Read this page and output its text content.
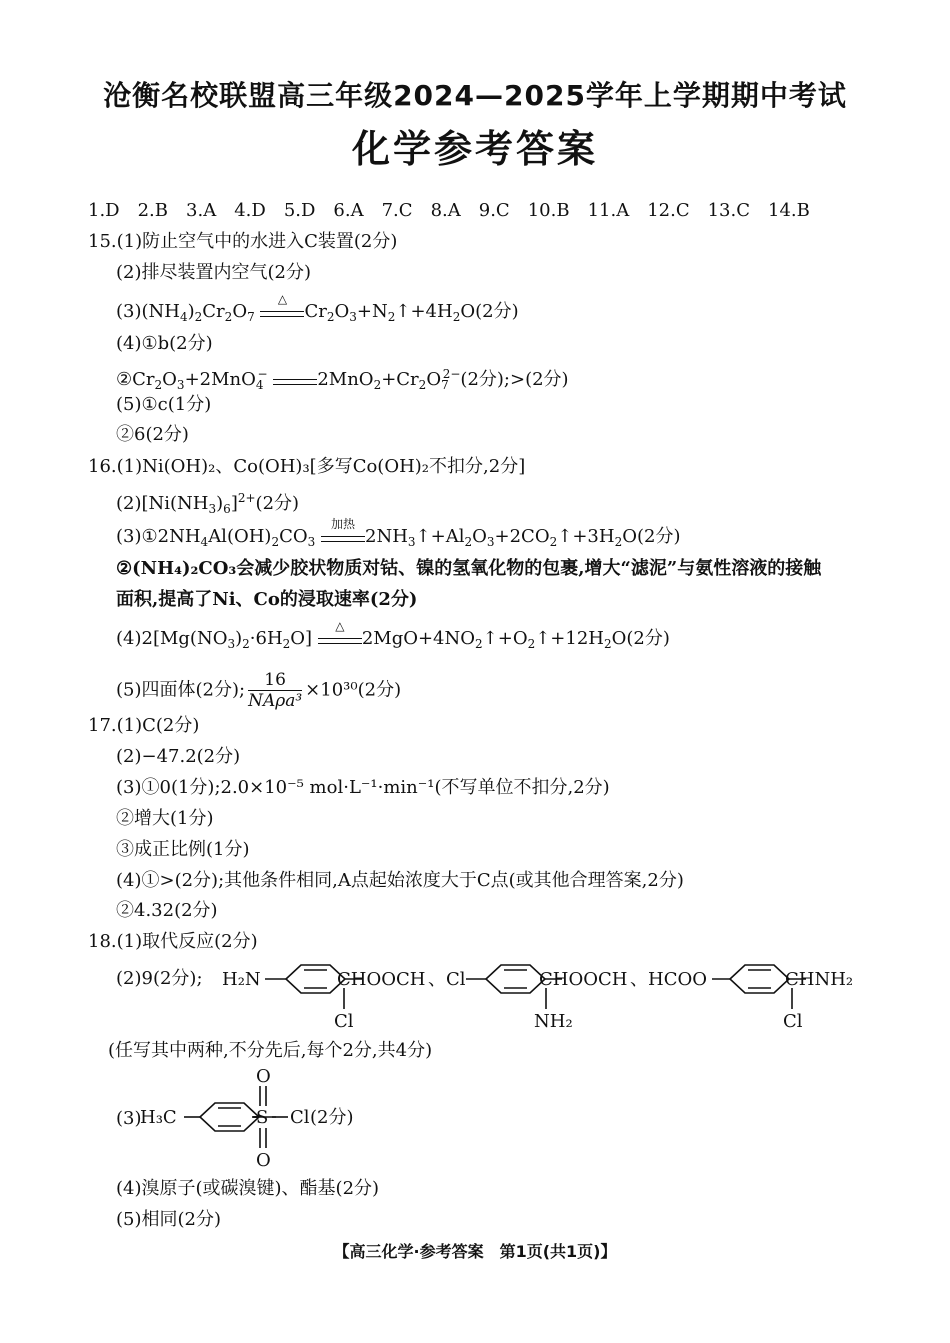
沧衡名校联盟高三年级2024—2025学年上学期期中考试
化学参考答案
1.D 2.B 3.A 4.D 5.D 6.A 7.C 8.A 9.C 10.B 11.A 12.C 13.C 14.B
15.(1)防止空气中的水进入C装置(2分)
(2)排尽装置内空气(2分)
$(3)(NH_4)_2Cr_2O_7$
△
$Cr_2O_3+N_2↑+4H_2O(2$分)
(4)①b(2分)
$②Cr_2O_3+2MnO_4^-$	$2MnO_2+Cr_2O_7^{2-}(2$分);>(2分)
(5)①c(1分)
②6(2分)
16.(1)Ni(OH)₂、Co(OH)₃[多写Co(OH)₂不扣分,2分]
$(2)[Ni(NH_3)_6]^{2+}(2$分)
$(3)①2NH_4Al(OH)_2CO_3$
加热
$2NH_3↑+Al_2O_3+2CO_2↑+3H_2O(2$分)
②(NH₄)₂CO₃会减少胶状物质对钴、镍的氢氧化物的包裹,增大“滤泥”与氨性溶液的接触
面积,提高了Ni、Co的浸取速率(2分)
$(4)2[Mg(NO_3)_2\cdot 6H_2O]$
△
$2MgO+4NO_2↑+O_2↑+12H_2O(2$分)
(5)四面体(2分); $\frac{16}{\text{NAρa³}} \times 10^{30}(2$分)
17.(1)C(2分)
(2)−47.2(2分)
(3)①0(1分);2.0×10⁻⁵ mol·L⁻¹·min⁻¹(不写单位不扣分,2分)
②增大(1分)
③成正比例(1分)
(4)①>(2分);其他条件相同,A点起始浓度大于C点(或其他合理答案,2分)
②4.32(2分)
18.(1)取代反应(2分)
(2)9(2分); H₂N	CHOOCH
Cl
、 Cl	CHOOCH
NH₂
、 HCOO	CHNH₂
Cl
(任写其中两种,不分先后,每个2分,共4分)
(3)
H₃C	S
O
O
Cl (2分)
(4)溴原子(或碳溴键)、酯基(2分)
(5)相同(2分)
【高三化学·参考答案　第1页(共1页)】
